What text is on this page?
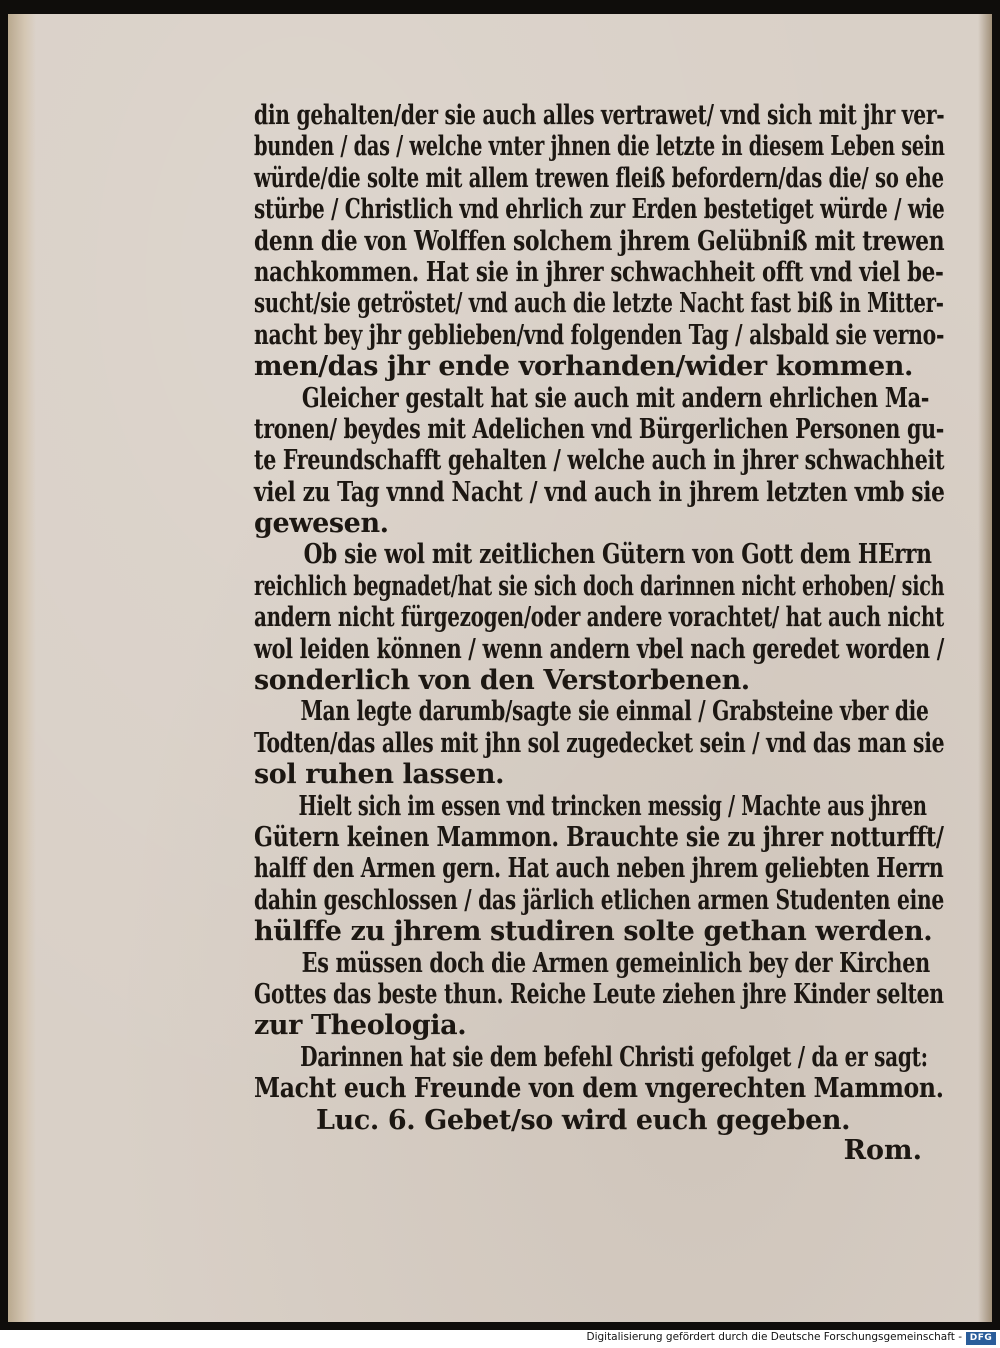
din gehalten/der sie auch alles vertrawet/ vnd sich mit jhr ver-
bunden / das / welche vnter jhnen die letzte in diesem Leben sein
würde/die solte mit allem trewen fleiß befordern/das die/ so ehe
stürbe / Christlich vnd ehrlich zur Erden bestetiget würde / wie
denn die von Wolffen solchem jhrem Gelübniß mit trewen
nachkommen. Hat sie in jhrer schwachheit offt vnd viel be-
sucht/sie getröstet/ vnd auch die letzte Nacht fast biß in Mitter-
nacht bey jhr geblieben/vnd folgenden Tag / alsbald sie verno-
men/das jhr ende vorhanden/wider kommen.
Gleicher gestalt hat sie auch mit andern ehrlichen Ma-
tronen/ beydes mit Adelichen vnd Bürgerlichen Personen gu-
te Freundschafft gehalten / welche auch in jhrer schwachheit
viel zu Tag vnnd Nacht / vnd auch in jhrem letzten vmb sie
gewesen.
Ob sie wol mit zeitlichen Gütern von Gott dem HErrn
reichlich begnadet/hat sie sich doch darinnen nicht erhoben/ sich
andern nicht fürgezogen/oder andere vorachtet/ hat auch nicht
wol leiden können / wenn andern vbel nach geredet worden /
sonderlich von den Verstorbenen.
Man legte darumb/sagte sie einmal / Grabsteine vber die
Todten/das alles mit jhn sol zugedecket sein / vnd das man sie
sol ruhen lassen.
Hielt sich im essen vnd trincken messig / Machte aus jhren
Gütern keinen Mammon. Brauchte sie zu jhrer notturfft/
halff den Armen gern. Hat auch neben jhrem geliebten Herrn
dahin geschlossen / das järlich etlichen armen Studenten eine
hülffe zu jhrem studiren solte gethan werden.
Es müssen doch die Armen gemeinlich bey der Kirchen
Gottes das beste thun. Reiche Leute ziehen jhre Kinder selten
zur Theologia.
Darinnen hat sie dem befehl Christi gefolget / da er sagt:
Macht euch Freunde von dem vngerechten Mammon.
Luc. 6. Gebet/so wird euch gegeben.
Rom.
Digitalisierung gefördert durch die Deutsche Forschungsgemeinschaft - DFG
